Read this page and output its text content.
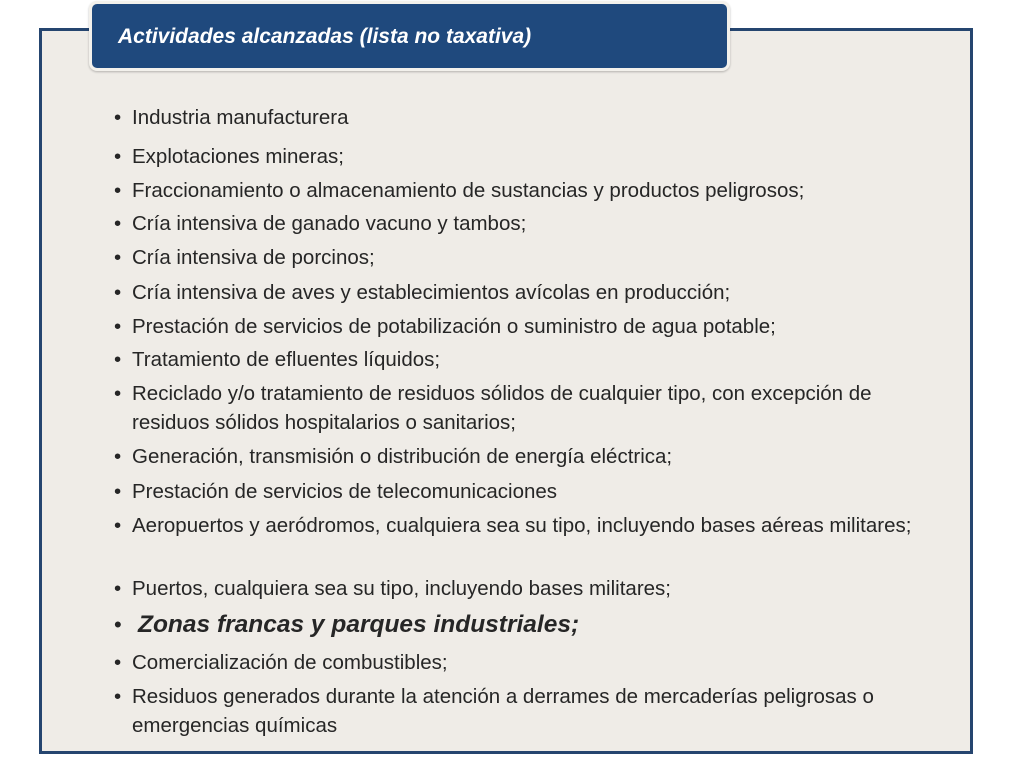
Actividades alcanzadas (lista no taxativa)
• Industria manufacturera
• Explotaciones mineras;
• Fraccionamiento o almacenamiento de sustancias y productos peligrosos;
• Cría intensiva de ganado vacuno y tambos;
• Cría intensiva de porcinos;
• Cría intensiva de aves y establecimientos avícolas en producción;
• Prestación de servicios de potabilización o suministro de agua potable;
• Tratamiento de efluentes líquidos;
• Reciclado y/o tratamiento de residuos sólidos de cualquier tipo, con excepción de residuos sólidos hospitalarios o sanitarios;
• Generación, transmisión o distribución de energía eléctrica;
• Prestación de servicios de telecomunicaciones
• Aeropuertos y aeródromos, cualquiera sea su tipo, incluyendo bases aéreas militares;
• Puertos, cualquiera sea su tipo, incluyendo bases militares;
• Zonas francas y parques industriales;
• Comercialización de combustibles;
• Residuos generados durante la atención a derrames de mercaderías peligrosas o emergencias químicas
